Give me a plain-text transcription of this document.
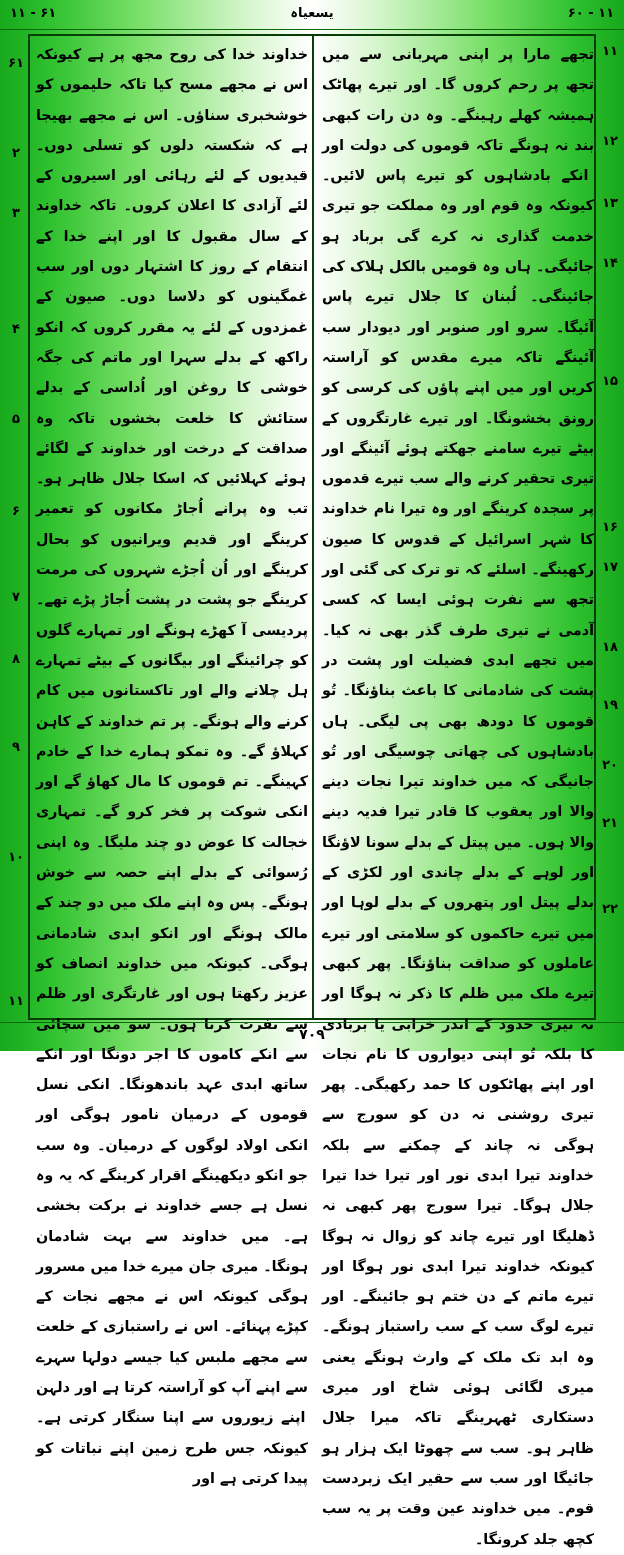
۱۱ - ۶۱	یسعیاہ	۶۰ - ۱۱
تجھے مارا پر اپنی مہربانی سے میں تجھ پر رحم کروں گا۔ اور تیرے پھاٹک ہمیشہ کھلے رہینگے۔ وہ دن رات کبھی بند نہ ہونگے تاکہ قوموں کی دولت اور انکے بادشاہوں کو تیرے پاس لائیں۔ کیونکہ وہ قوم اور وہ مملکت جو تیری خدمت گذاری نہ کرے گی برباد ہو جائیگی۔ ہاں وہ قومیں بالکل ہلاک کی جائینگی۔ لُبنان کا جلال تیرے پاس آئیگا۔ سرو اور صنوبر اور دیودار سب آئینگے تاکہ میرے مقدس کو آراستہ کریں اور میں اپنے پاؤں کی کرسی کو رونق بخشونگا۔ اور تیرے غارتگروں کے بیٹے تیرے سامنے جھکتے ہوئے آئینگے اور تیری تحقیر کرنے والے سب تیرے قدموں پر سجدہ کرینگے اور وہ تیرا نام خداوند کا شہر اسرائیل کے قدوس کا صیون رکھینگے۔ اسلئے کہ تو ترک کی گئی اور تجھ سے نفرت ہوئی ایسا کہ کسی آدمی نے تیری طرف گذر بھی نہ کیا۔ میں تجھے ابدی فضیلت اور پشت در پشت کی شادمانی کا باعث بناؤنگا۔ تُو قوموں کا دودھ بھی پی لیگی۔ ہاں بادشاہوں کی چھاتی چوسیگی اور تُو جانیگی کہ میں خداوند تیرا نجات دینے والا اور یعقوب کا قادر تیرا فدیہ دینے والا ہوں۔ میں پیتل کے بدلے سونا لاؤنگا اور لوہے کے بدلے چاندی اور لکڑی کے بدلے پیتل اور پتھروں کے بدلے لوہا اور میں تیرے حاکموں کو سلامتی اور تیرے عاملوں کو صداقت بناؤنگا۔ پھر کبھی تیرے ملک میں ظلم کا ذکر نہ ہوگا اور نہ تیری حدود کے اندر خرابی یا بربادی کا بلکہ تُو اپنی دیواروں کا نام نجات اور اپنے پھاٹکوں کا حمد رکھیگی۔ پھر تیری روشنی نہ دن کو سورج سے ہوگی نہ چاند کے چمکنے سے بلکہ خداوند تیرا ابدی نور اور تیرا خدا تیرا جلال ہوگا۔ تیرا سورج پھر کبھی نہ ڈھلیگا اور تیرے چاند کو زوال نہ ہوگا کیونکہ خداوند تیرا ابدی نور ہوگا اور تیرے ماتم کے دن ختم ہو جائینگے۔ اور تیرے لوگ سب کے سب راستباز ہونگے۔ وہ ابد تک ملک کے وارث ہونگے یعنی میری لگائی ہوئی شاخ اور میری دستکاری ٹھہرینگے تاکہ میرا جلال ظاہر ہو۔ سب سے چھوٹا ایک ہزار ہو جائیگا اور سب سے حقیر ایک زبردست قوم۔ میں خداوند عین وقت پر یہ سب کچھ جلد کرونگا۔
خداوند خدا کی روح مجھ پر ہے کیونکہ اس نے مجھے مسح کیا تاکہ حلیموں کو خوشخبری سناؤں۔ اس نے مجھے بھیجا ہے کہ شکستہ دلوں کو تسلی دوں۔ قیدیوں کے لئے رہائی اور اسیروں کے لئے آزادی کا اعلان کروں۔ تاکہ خداوند کے سال مقبول کا اور اپنے خدا کے انتقام کے روز کا اشتہار دوں اور سب غمگینوں کو دلاسا دوں۔ صیون کے غمزدوں کے لئے یہ مقرر کروں کہ انکو راکھ کے بدلے سہرا اور ماتم کی جگہ خوشی کا روغن اور اُداسی کے بدلے ستائش کا خلعت بخشوں تاکہ وہ صداقت کے درخت اور خداوند کے لگائے ہوئے کہلائیں کہ اسکا جلال ظاہر ہو۔ تب وہ پرانے اُجاڑ مکانوں کو تعمیر کرینگے اور قدیم ویرانیوں کو بحال کرینگے اور اُن اُجڑے شہروں کی مرمت کرینگے جو پشت در پشت اُجاڑ پڑے تھے۔ پردیسی آ کھڑے ہونگے اور تمہارے گلوں کو چرائینگے اور بیگانوں کے بیٹے تمہارے ہل چلانے والے اور تاکستانوں میں کام کرنے والے ہونگے۔ پر تم خداوند کے کاہن کہلاؤ گے۔ وہ تمکو ہمارے خدا کے خادم کہینگے۔ تم قوموں کا مال کھاؤ گے اور انکی شوکت پر فخر کرو گے۔ تمہاری خجالت کا عوض دو چند ملیگا۔ وہ اپنی رُسوائی کے بدلے اپنے حصہ سے خوش ہونگے۔ پس وہ اپنے ملک میں دو چند کے مالک ہونگے اور انکو ابدی شادمانی ہوگی۔ کیونکہ میں خداوند انصاف کو عزیز رکھتا ہوں اور غارتگری اور ظلم سے نفرت کرتا ہوں۔ سو میں سچائی سے انکے کاموں کا اجر دونگا اور انکے ساتھ ابدی عہد باندھونگا۔ انکی نسل قوموں کے درمیان نامور ہوگی اور انکی اولاد لوگوں کے درمیان۔ وہ سب جو انکو دیکھینگے اقرار کرینگے کہ یہ وہ نسل ہے جسے خداوند نے برکت بخشی ہے۔ میں خداوند سے بہت شادمان ہونگا۔ میری جان میرے خدا میں مسرور ہوگی کیونکہ اس نے مجھے نجات کے کپڑے پہنائے۔ اس نے راستبازی کے خلعت سے مجھے ملبس کیا جیسے دولہا سہرے سے اپنے آپ کو آراستہ کرتا ہے اور دلہن اپنے زیوروں سے اپنا سنگار کرتی ہے۔ کیونکہ جس طرح زمین اپنے نباتات کو پیدا کرتی ہے اور
۱۱
۱۲
۱۳
۱۴
۱۵
۱۶
۱۷
۱۸
۱۹
۲۰
۲۱
۲۲
۶۱
۲
۳
۴
۵
۶
۷
۸
۹
۱۰
۱۱
۷۰۹
